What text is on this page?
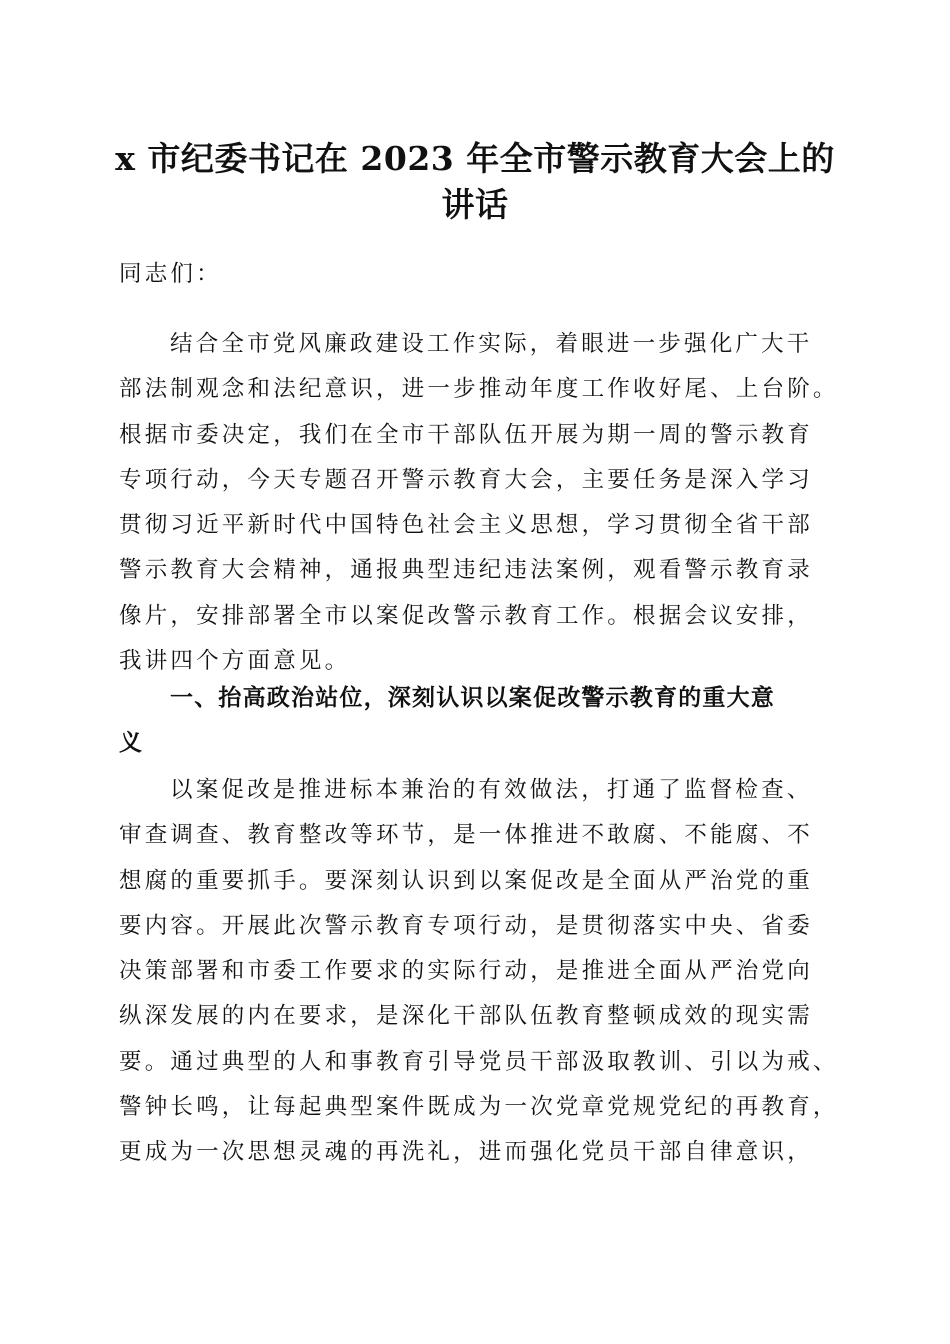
x 市纪委书记在 2023 年全市警示教育大会上的
讲话

同志们：

结合全市党风廉政建设工作实际，着眼进一步强化广大干
部法制观念和法纪意识，进一步推动年度工作收好尾、上台阶。
根据市委决定，我们在全市干部队伍开展为期一周的警示教育
专项行动，今天专题召开警示教育大会，主要任务是深入学习
贯彻习近平新时代中国特色社会主义思想，学习贯彻全省干部
警示教育大会精神，通报典型违纪违法案例，观看警示教育录
像片，安排部署全市以案促改警示教育工作。根据会议安排，
我讲四个方面意见。
一、抬高政治站位，深刻认识以案促改警示教育的重大意
义
以案促改是推进标本兼治的有效做法，打通了监督检查、
审查调查、教育整改等环节，是一体推进不敢腐、不能腐、不
想腐的重要抓手。要深刻认识到以案促改是全面从严治党的重
要内容。开展此次警示教育专项行动，是贯彻落实中央、省委
决策部署和市委工作要求的实际行动，是推进全面从严治党向
纵深发展的内在要求，是深化干部队伍教育整顿成效的现实需
要。通过典型的人和事教育引导党员干部汲取教训、引以为戒、
警钟长鸣，让每起典型案件既成为一次党章党规党纪的再教育，
更成为一次思想灵魂的再洗礼，进而强化党员干部自律意识，
